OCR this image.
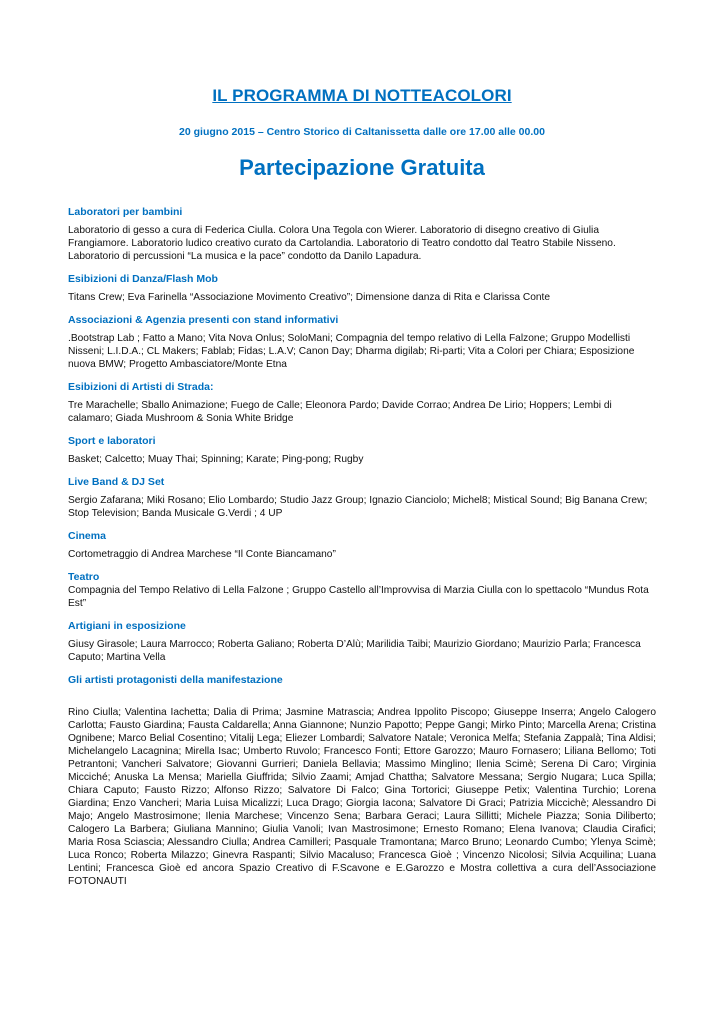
IL PROGRAMMA DI NOTTEACOLORI
20 giugno 2015 – Centro Storico di Caltanissetta dalle ore 17.00 alle 00.00
Partecipazione Gratuita
Laboratori per bambini

Laboratorio di gesso a cura di Federica Ciulla. Colora Una Tegola con Wierer. Laboratorio di disegno creativo di Giulia Frangiamore. Laboratorio ludico creativo curato da Cartolandia. Laboratorio di Teatro condotto dal Teatro Stabile Nisseno. Laboratorio di percussioni “La musica e la pace” condotto da Danilo Lapadura.

Esibizioni di Danza/Flash Mob

Titans Crew; Eva Farinella “Associazione Movimento Creativo”; Dimensione danza di Rita e Clarissa Conte

Associazioni & Agenzia presenti con stand informativi

.Bootstrap Lab ; Fatto a Mano; Vita Nova Onlus; SoloMani; Compagnia del tempo relativo di Lella Falzone; Gruppo Modellisti Nisseni; L.I.D.A.; CL Makers; Fablab; Fidas; L.A.V; Canon Day; Dharma digilab; Ri-parti; Vita a Colori per Chiara; Esposizione nuova BMW; Progetto Ambasciatore/Monte Etna

Esibizioni di Artisti di Strada:

Tre Marachelle; Sballo Animazione; Fuego de Calle; Eleonora Pardo; Davide Corrao; Andrea De Lirio; Hoppers; Lembi di calamaro; Giada Mushroom & Sonia White Bridge

Sport e laboratori

Basket; Calcetto; Muay Thai; Spinning; Karate; Ping-pong; Rugby

Live Band & DJ Set

Sergio Zafarana; Miki Rosano; Elio Lombardo; Studio Jazz Group; Ignazio Cianciolo; Michel8; Mistical Sound; Big Banana Crew; Stop Television; Banda Musicale G.Verdi ; 4 UP

Cinema

Cortometraggio di Andrea Marchese “Il Conte Biancamano”

Teatro

Compagnia del Tempo Relativo di Lella Falzone ; Gruppo Castello all’Improvvisa di Marzia Ciulla con lo spettacolo “Mundus Rota Est”

Artigiani in esposizione

Giusy Girasole; Laura Marrocco; Roberta Galiano; Roberta D’Alù; Marilidia Taibi; Maurizio Giordano; Maurizio Parla; Francesca Caputo; Martina Vella

Gli artisti protagonisti della manifestazione

Rino Ciulla; Valentina Iachetta; Dalia di Prima; Jasmine Matrascia; Andrea Ippolito Piscopo; Giuseppe Inserra; Angelo Calogero Carlotta; Fausto Giardina; Fausta Caldarella; Anna Giannone; Nunzio Papotto; Peppe Gangi; Mirko Pinto; Marcella Arena; Cristina Ognibene; Marco Belial Cosentino; Vitalij Lega; Eliezer Lombardi; Salvatore Natale; Veronica Melfa; Stefania Zappalà; Tina Aldisi; Michelangelo Lacagnina; Mirella Isac; Umberto Ruvolo; Francesco Fonti; Ettore Garozzo; Mauro Fornasero; Liliana Bellomo; Toti Petrantoni; Vancheri Salvatore; Giovanni Gurrieri; Daniela Bellavia; Massimo Minglino; Ilenia Scimè; Serena Di Caro; Virginia Micciché; Anuska La Mensa; Mariella Giuffrida; Silvio Zaami; Amjad Chattha; Salvatore Messana; Sergio Nugara; Luca Spilla; Chiara Caputo; Fausto Rizzo; Alfonso Rizzo; Salvatore Di Falco; Gina Tortorici; Giuseppe Petix; Valentina Turchio; Lorena Giardina; Enzo Vancheri; Maria Luisa Micalizzi; Luca Drago; Giorgia Iacona; Salvatore Di Graci; Patrizia Miccichè; Alessandro Di Majo; Angelo Mastrosimone; Ilenia Marchese; Vincenzo Sena; Barbara Geraci; Laura Sillitti; Michele Piazza; Sonia Diliberto; Calogero La Barbera; Giuliana Mannino; Giulia Vanoli; Ivan Mastrosimone; Ernesto Romano; Elena Ivanova; Claudia Cirafici; Maria Rosa Sciascia; Alessandro Ciulla; Andrea Camilleri; Pasquale Tramontana; Marco Bruno; Leonardo Cumbo; Ylenya Scimè; Luca Ronco; Roberta Milazzo; Ginevra Raspanti; Silvio Macaluso; Francesca Gioè ; Vincenzo Nicolosi; Silvia Acquilina; Luana Lentini; Francesca Gioè ed ancora Spazio Creativo di F.Scavone e E.Garozzo e Mostra collettiva a cura dell’Associazione FOTONAUTI
